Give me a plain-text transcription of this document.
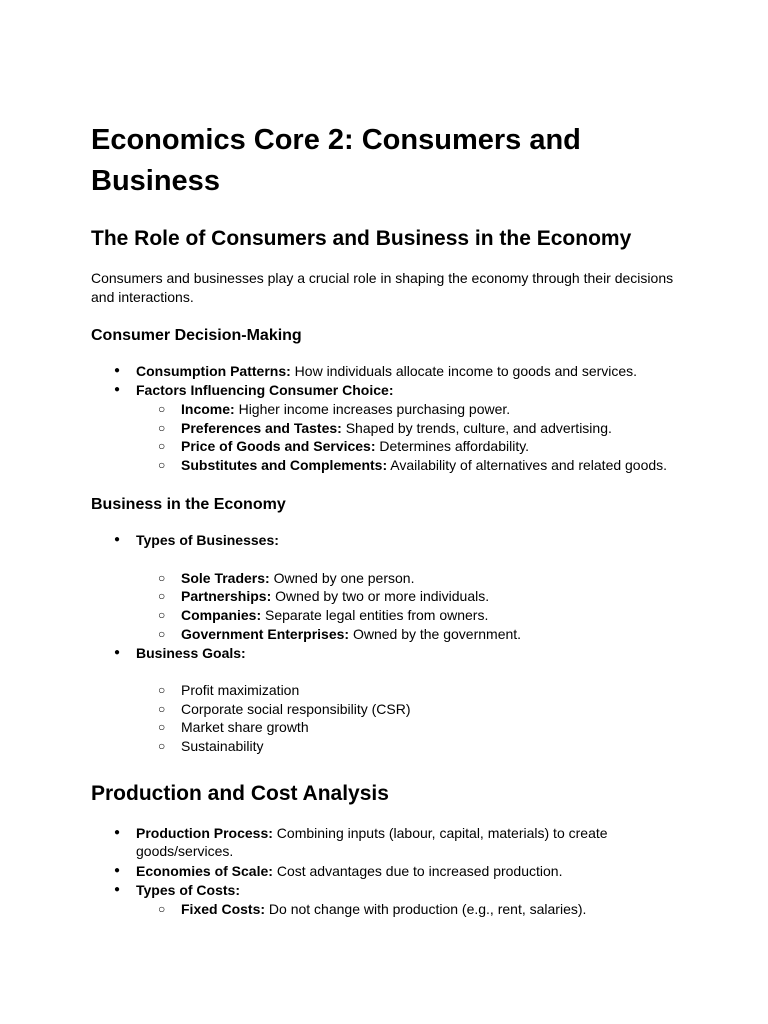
Economics Core 2: Consumers and Business
The Role of Consumers and Business in the Economy

Consumers and businesses play a crucial role in shaping the economy through their decisions and interactions.

Consumer Decision-Making
● Consumption Patterns: How individuals allocate income to goods and services.
● Factors Influencing Consumer Choice:
○ Income: Higher income increases purchasing power.
○ Preferences and Tastes: Shaped by trends, culture, and advertising.
○ Price of Goods and Services: Determines affordability.
○ Substitutes and Complements: Availability of alternatives and related goods.
Business in the Economy
● Types of Businesses:
○ Sole Traders: Owned by one person.
○ Partnerships: Owned by two or more individuals.
○ Companies: Separate legal entities from owners.
○ Government Enterprises: Owned by the government.
● Business Goals:
○ Profit maximization
○ Corporate social responsibility (CSR)
○ Market share growth
○ Sustainability
Production and Cost Analysis
● Production Process: Combining inputs (labour, capital, materials) to create goods/services.
● Economies of Scale: Cost advantages due to increased production.
● Types of Costs:
○ Fixed Costs: Do not change with production (e.g., rent, salaries).
